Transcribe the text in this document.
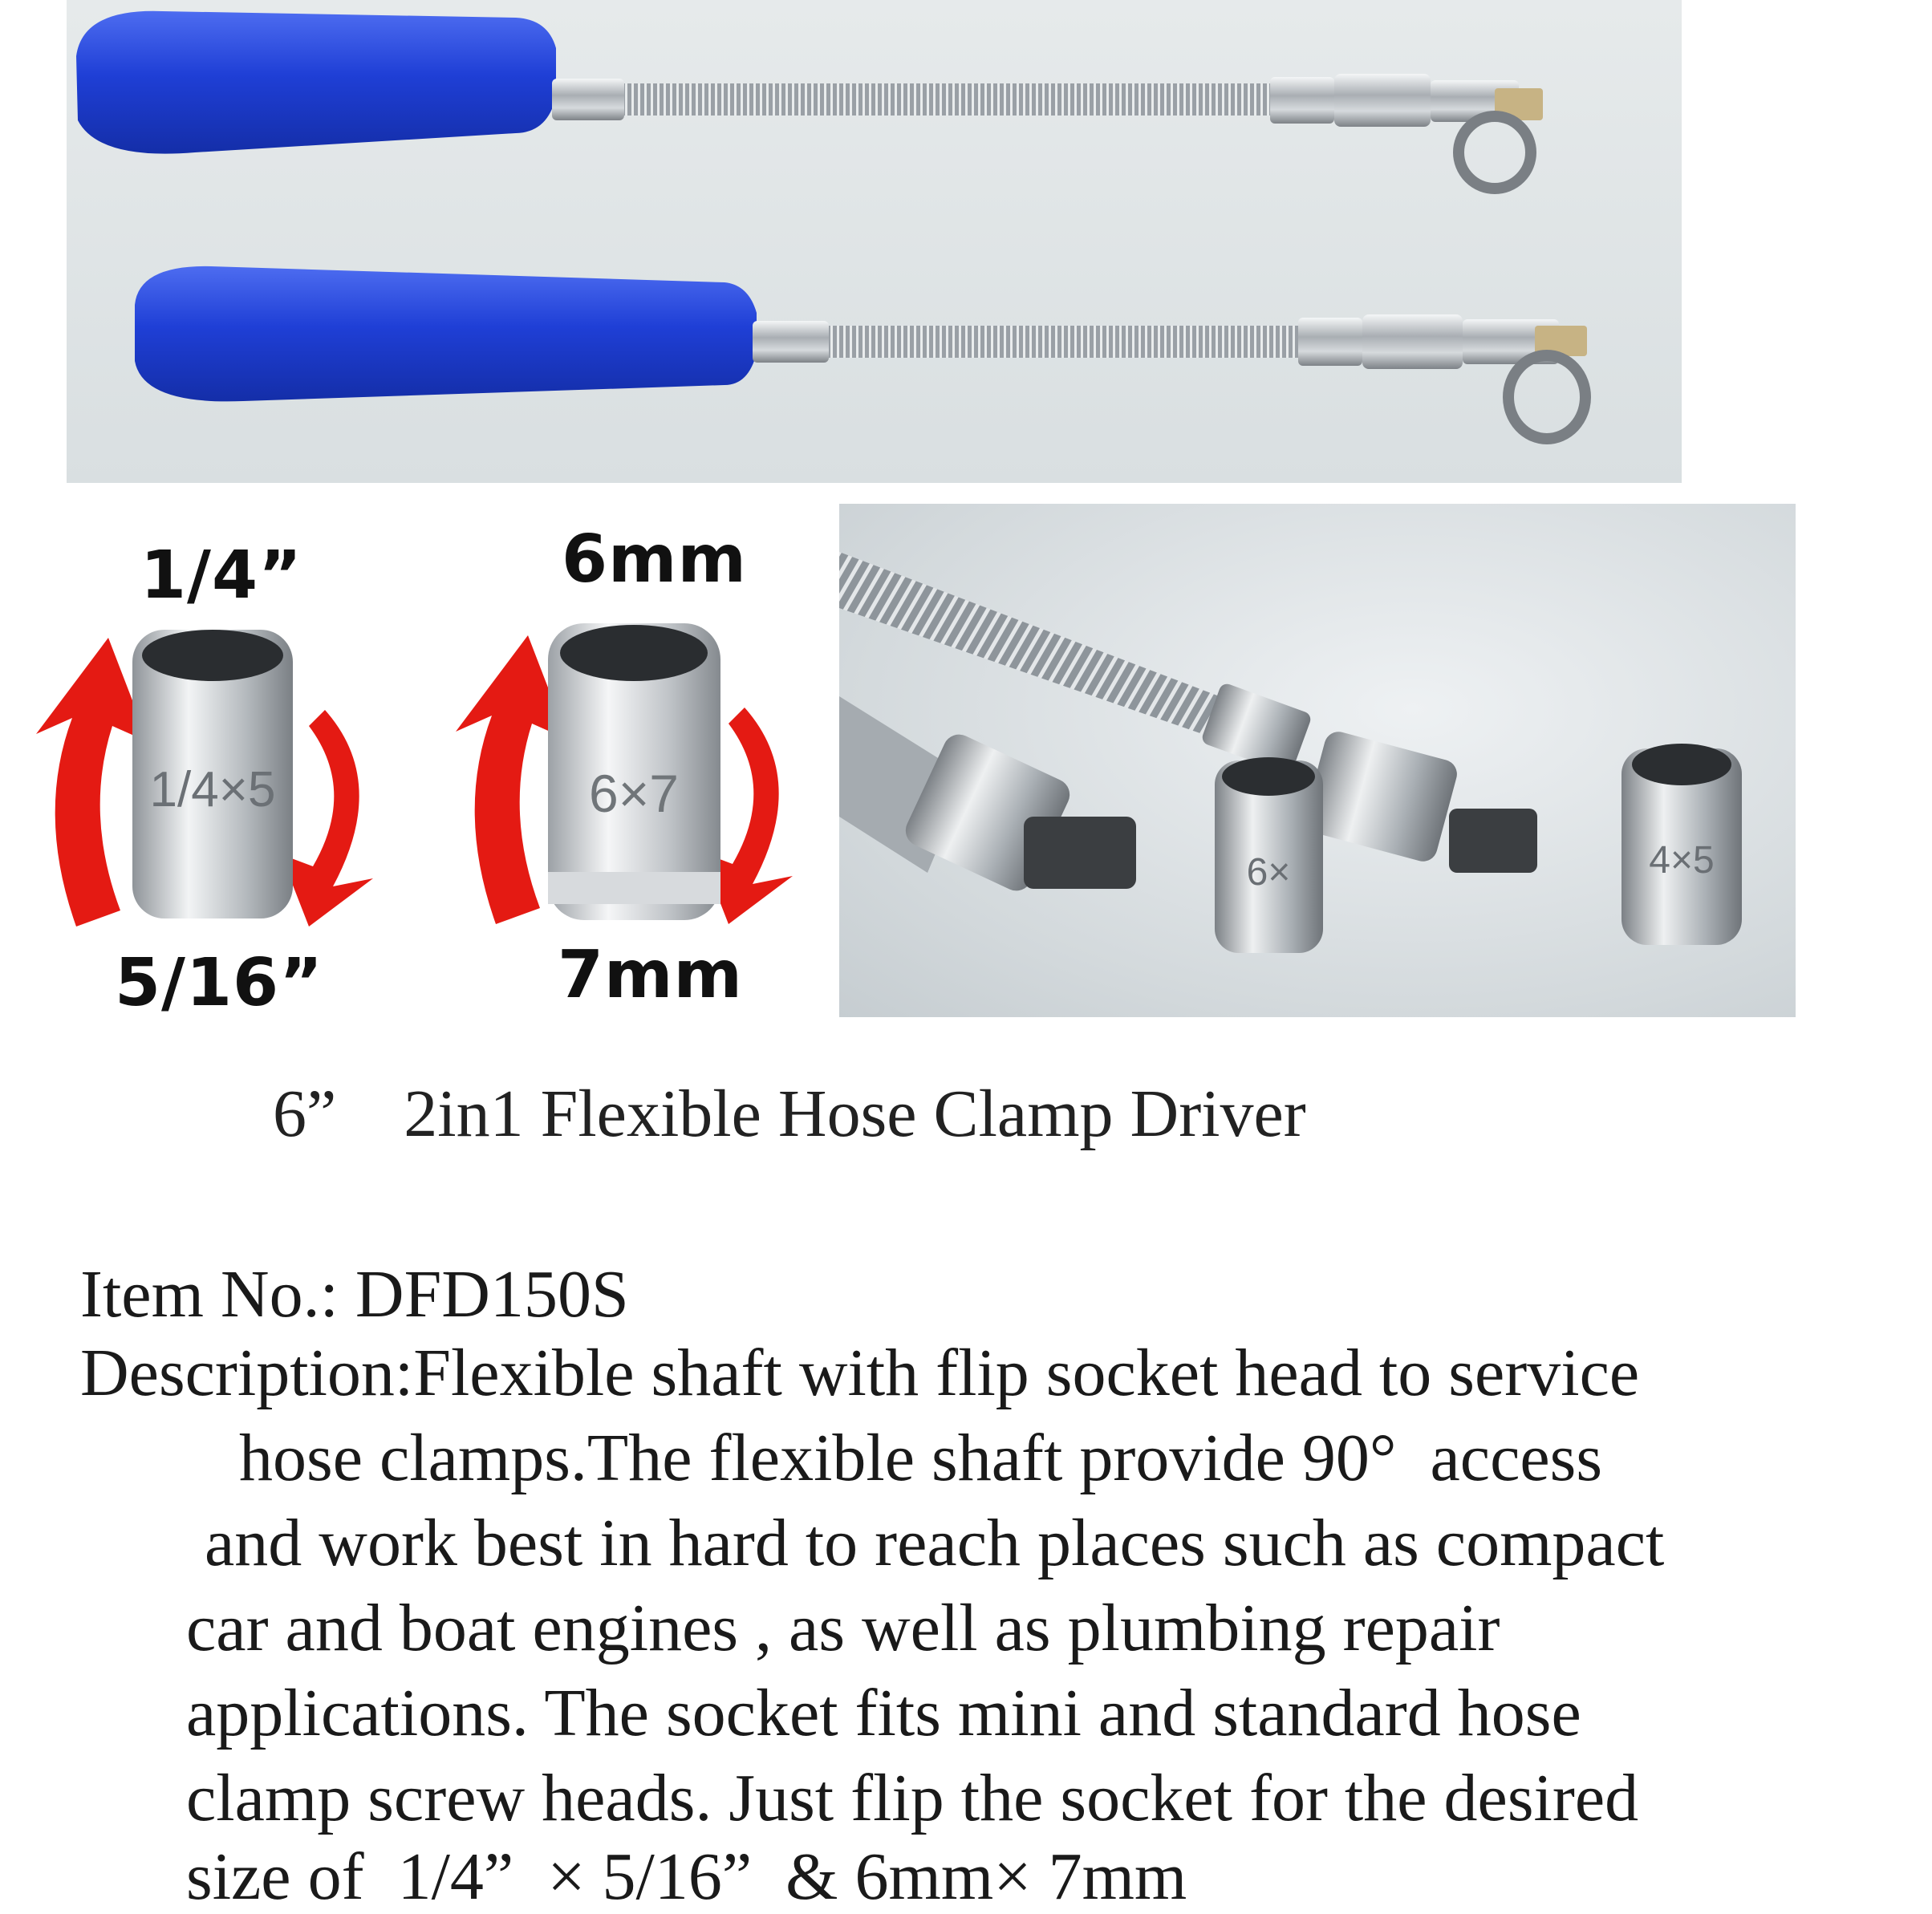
1/4”
5/16”
6mm
7mm
1/4×5	6×7
6×	4×5
6”    2in1 Flexible Hose Clamp Driver
Item No.: DFD150S
Description:Flexible shaft with flip socket head to service
hose clamps.The flexible shaft provide 90°  access
and work best in hard to reach places such as compact
car and boat engines , as well as plumbing repair
applications. The socket fits mini and standard hose
clamp screw heads. Just flip the socket for the desired
size of  1/4”  × 5/16”  & 6mm× 7mm
